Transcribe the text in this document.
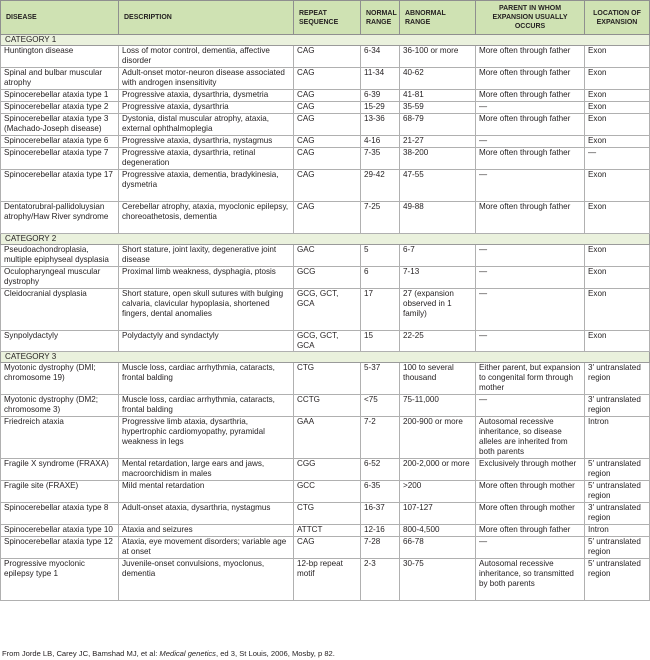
DISEASE	DESCRIPTION	REPEAT SEQUENCE	NORMAL RANGE	ABNORMAL RANGE	PARENT IN WHOM EXPANSION USUALLY OCCURS	LOCATION OF EXPANSION
CATEGORY 1						
Huntington disease	Loss of motor control, dementia, affective disorder	CAG	6-34	36-100 or more	More often through father	Exon
Spinal and bulbar muscular atrophy	Adult-onset motor-neuron disease associated with androgen insensitivity	CAG	11-34	40-62	More often through father	Exon
Spinocerebellar ataxia type 1	Progressive ataxia, dysarthria, dysmetria	CAG	6-39	41-81	More often through father	Exon
Spinocerebellar ataxia type 2	Progressive ataxia, dysarthria	CAG	15-29	35-59	—	Exon
Spinocerebellar ataxia type 3 (Machado-Joseph disease)	Dystonia, distal muscular atrophy, ataxia, external ophthalmoplegia	CAG	13-36	68-79	More often through father	Exon
Spinocerebellar ataxia type 6	Progressive ataxia, dysarthria, nystagmus	CAG	4-16	21-27	—	Exon
Spinocerebellar ataxia type 7	Progressive ataxia, dysarthria, retinal degeneration	CAG	7-35	38-200	More often through father	—
Spinocerebellar ataxia type 17	Progressive ataxia, dementia, bradykinesia, dysmetria	CAG	29-42	47-55	—	Exon
Dentatorubral-pallidoluysian atrophy/Haw River syndrome	Cerebellar atrophy, ataxia, myoclonic epilepsy, choreoathetosis, dementia	CAG	7-25	49-88	More often through father	Exon
CATEGORY 2						
Pseudoachondroplasia, multiple epiphyseal dysplasia	Short stature, joint laxity, degenerative joint disease	GAC	5	6-7	—	Exon
Oculopharyngeal muscular dystrophy	Proximal limb weakness, dysphagia, ptosis	GCG	6	7-13	—	Exon
Cleidocranial dysplasia	Short stature, open skull sutures with bulging calvaria, clavicular hypoplasia, shortened fingers, dental anomalies	GCG, GCT, GCA	17	27 (expansion observed in 1 family)	—	Exon
Synpolydactyly	Polydactyly and syndactyly	GCG, GCT, GCA	15	22-25	—	Exon
CATEGORY 3						
Myotonic dystrophy (DMI; chromosome 19)	Muscle loss, cardiac arrhythmia, cataracts, frontal balding	CTG	5-37	100 to several thousand	Either parent, but expansion to congenital form through mother	3′ untranslated region
Myotonic dystrophy (DM2; chromosome 3)	Muscle loss, cardiac arrhythmia, cataracts, frontal balding	CCTG	<75	75-11,000	—	3′ untranslated region
Friedreich ataxia	Progressive limb ataxia, dysarthria, hypertrophic cardiomyopathy, pyramidal weakness in legs	GAA	7-2	200-900 or more	Autosomal recessive inheritance, so disease alleles are inherited from both parents	Intron
Fragile X syndrome (FRAXA)	Mental retardation, large ears and jaws, macroorchidism in males	CGG	6-52	200-2,000 or more	Exclusively through mother	5′ untranslated region
Fragile site (FRAXE)	Mild mental retardation	GCC	6-35	>200	More often through mother	5′ untranslated region
Spinocerebellar ataxia type 8	Adult-onset ataxia, dysarthria, nystagmus	CTG	16-37	107-127	More often through mother	3′ untranslated region
Spinocerebellar ataxia type 10	Ataxia and seizures	ATTCT	12-16	800-4,500	More often through father	Intron
Spinocerebellar ataxia type 12	Ataxia, eye movement disorders; variable age at onset	CAG	7-28	66-78	—	5′ untranslated region
Progressive myoclonic epilepsy type 1	Juvenile-onset convulsions, myoclonus, dementia	12-bp repeat motif	2-3	30-75	Autosomal recessive inheritance, so transmitted by both parents	5′ untranslated region

From Jorde LB, Carey JC, Bamshad MJ, et al: Medical genetics, ed 3, St Louis, 2006, Mosby, p 82.
